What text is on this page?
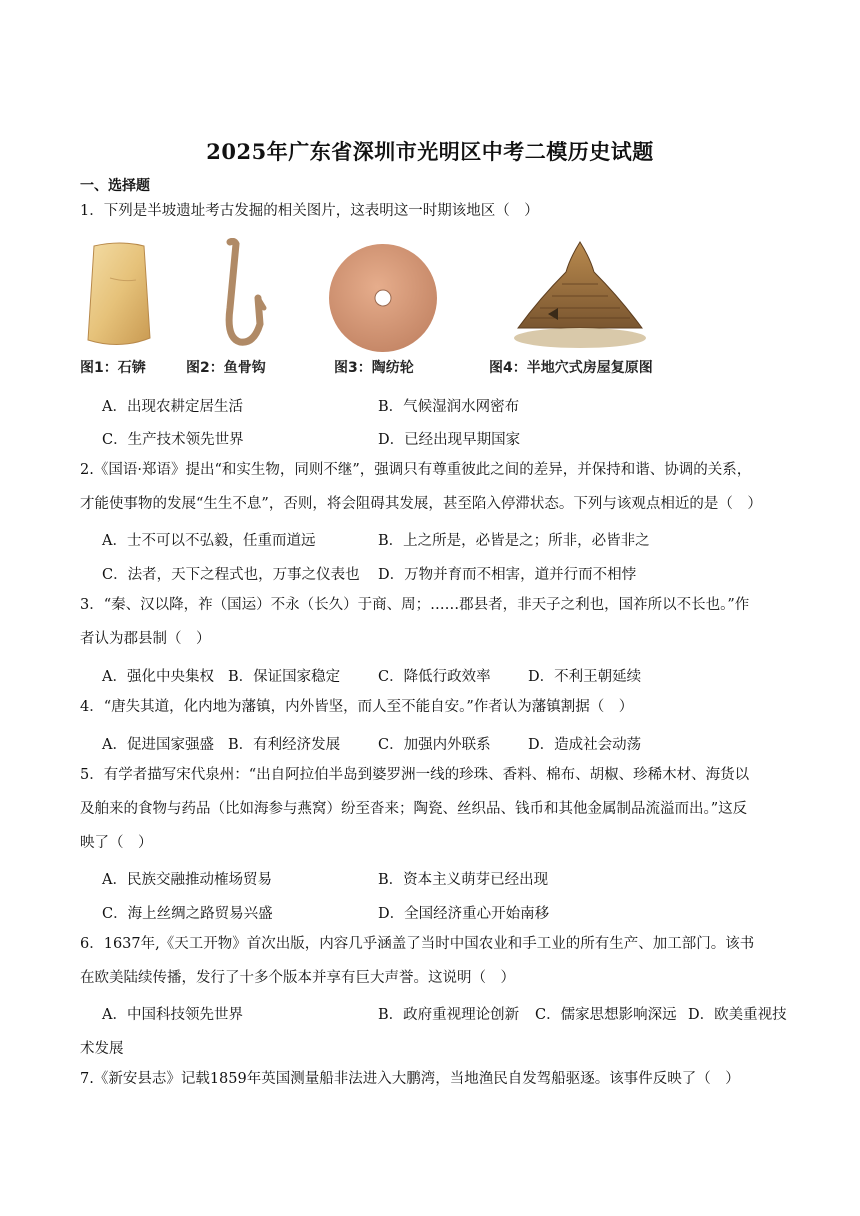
2025年广东省深圳市光明区中考二模历史试题
一、选择题
1．下列是半坡遗址考古发掘的相关图片，这表明这一时期该地区（　）
图1：石锛	图2：鱼骨钩	图3：陶纺轮	图4：半地穴式房屋复原图
A．出现农耕定居生活	B．气候湿润水网密布
C．生产技术领先世界	D．已经出现早期国家
2.《国语·郑语》提出“和实生物，同则不继”，强调只有尊重彼此之间的差异，并保持和谐、协调的关系，
才能使事物的发展“生生不息”，否则，将会阻碍其发展，甚至陷入停滞状态。下列与该观点相近的是（　）
A．士不可以不弘毅，任重而道远	B．上之所是，必皆是之；所非，必皆非之
C．法者，天下之程式也，万事之仪表也 D．万物并育而不相害，道并行而不相悖
3．“秦、汉以降，祚（国运）不永（长久）于商、周；……郡县者，非天子之利也，国祚所以不长也。”作
者认为郡县制（　）
A．强化中央集权 B．保证国家稳定	C．降低行政效率	D．不利王朝延续
4．“唐失其道，化内地为藩镇，内外皆坚，而人至不能自安。”作者认为藩镇割据（　）
A．促进国家强盛 B．有利经济发展	C．加强内外联系	D．造成社会动荡
5．有学者描写宋代泉州：“出自阿拉伯半岛到婆罗洲一线的珍珠、香料、棉布、胡椒、珍稀木材、海货以
及舶来的食物与药品（比如海参与燕窝）纷至沓来；陶瓷、丝织品、钱币和其他金属制品流溢而出。”这反
映了（　）
A．民族交融推动榷场贸易	B．资本主义萌芽已经出现
C．海上丝绸之路贸易兴盛	D．全国经济重心开始南移
6．1637年,《天工开物》首次出版，内容几乎涵盖了当时中国农业和手工业的所有生产、加工部门。该书
在欧美陆续传播，发行了十多个版本并享有巨大声誉。这说明（　）
A．中国科技领先世界	B．政府重视理论创新 C．儒家思想影响深远 D．欧美重视技
术发展
7.《新安县志》记载1859年英国测量船非法进入大鹏湾，当地渔民自发驾船驱逐。该事件反映了（　）
